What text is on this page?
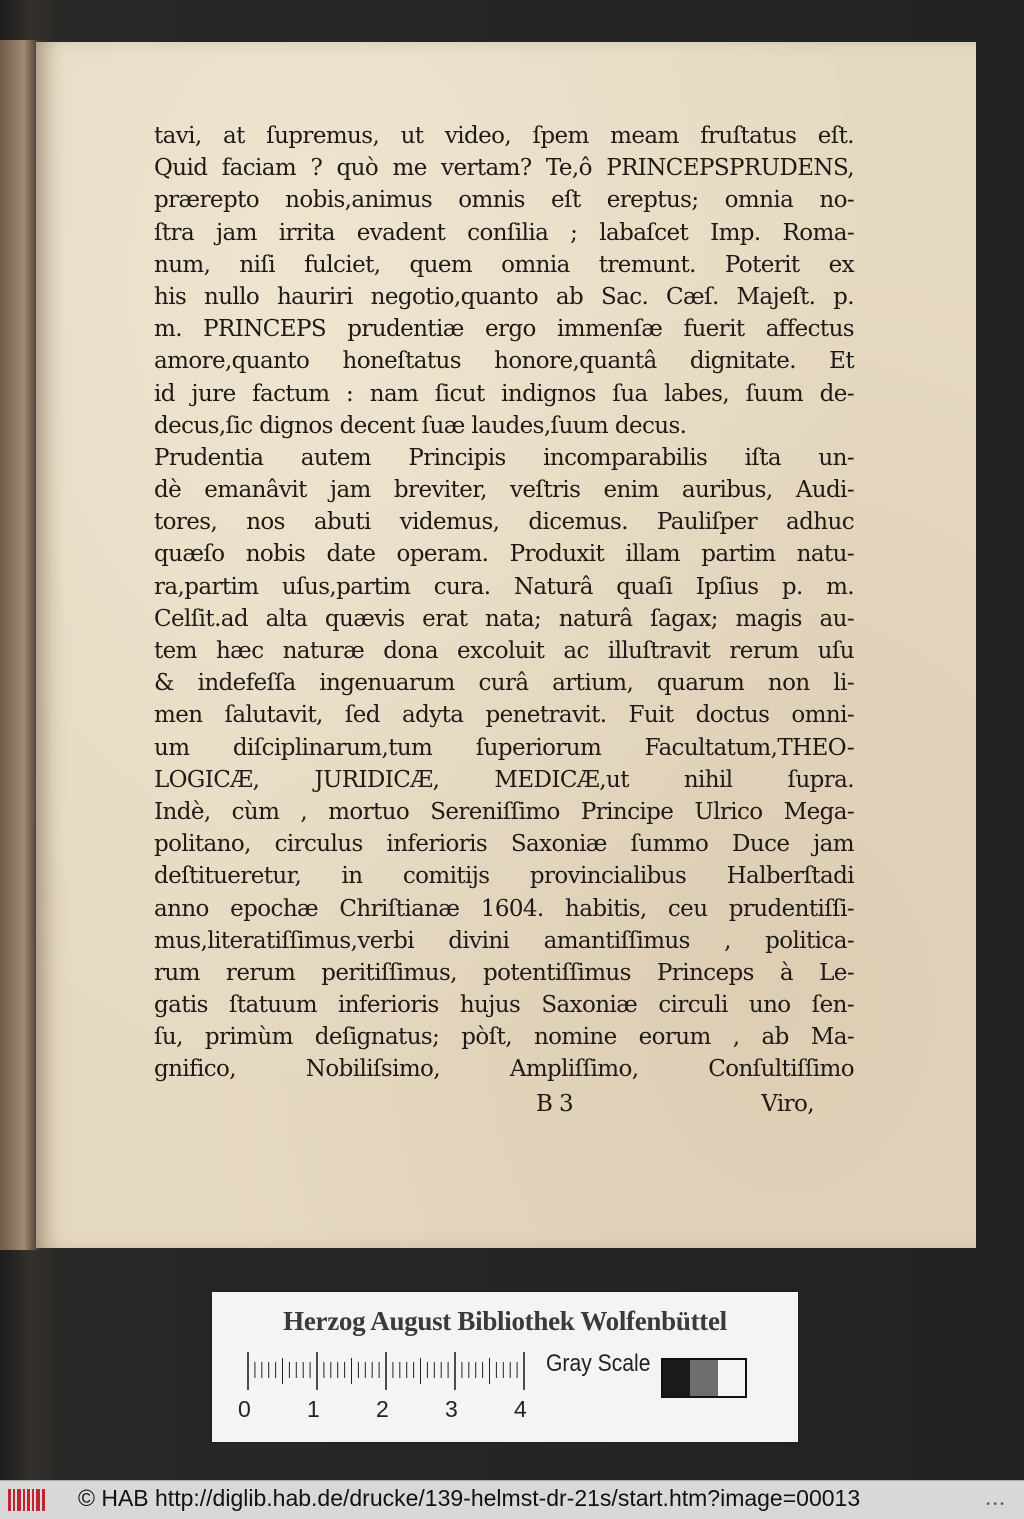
tavi, at ſupremus, ut video, ſpem meam fruſtatus eſt.
Quid faciam ? quò me vertam? Te,ô PRINCEPSPRUDENS,
prærepto nobis,animus omnis eſt ereptus; omnia no-
ſtra jam irrita evadent conſilia ; labaſcet Imp. Roma-
num, niſi fulciet, quem omnia tremunt. Poterit ex
his nullo hauriri negotio,quanto ab Sac. Cæſ. Majeſt. p.
m. PRINCEPS prudentiæ ergo immenſæ fuerit affectus
amore,quanto honeſtatus honore,quantâ dignitate. Et
id jure factum : nam ſicut indignos ſua labes, ſuum de-
decus,ſic dignos decent ſuæ laudes,ſuum decus.
Prudentia autem Principis incomparabilis iſta un-
dè emanâvit jam breviter, veſtris enim auribus, Audi-
tores, nos abuti videmus, dicemus. Pauliſper adhuc
quæſo nobis date operam. Produxit illam partim natu-
ra,partim uſus,partim cura. Naturâ quaſi Ipſius p. m.
Celſit.ad alta quævis erat nata; naturâ ſagax; magis au-
tem hæc naturæ dona excoluit ac illuſtravit rerum uſu
& indefeſſa ingenuarum curâ artium, quarum non li-
men ſalutavit, ſed adyta penetravit. Fuit doctus omni-
um diſciplinarum,tum ſuperiorum Facultatum,THEO-
LOGICÆ, JURIDICÆ, MEDICÆ,ut nihil ſupra.
Indè, cùm , mortuo Sereniſſimo Principe Ulrico Mega-
politano, circulus inferioris Saxoniæ ſummo Duce jam
deſtitueretur, in comitijs provincialibus Halberſtadi
anno epochæ Chriſtianæ 1604. habitis, ceu prudentiſſi-
mus,literatiſſimus,verbi divini amantiſſimus , politica-
rum rerum peritiſſimus, potentiſſimus Princeps à Le-
gatis ſtatuum inferioris hujus Saxoniæ circuli uno ſen-
ſu, primùm deſignatus; pòſt, nomine eorum , ab Ma-
gnifico, Nobiliſsimo, Ampliſſimo, Conſultiſſimo
B 3	Viro,
Herzog August Bibliothek Wolfenbüttel
0 1 2 3 4
Gray Scale
© HAB http://diglib.hab.de/drucke/139-helmst-dr-21s/start.htm?image=00013	•••
